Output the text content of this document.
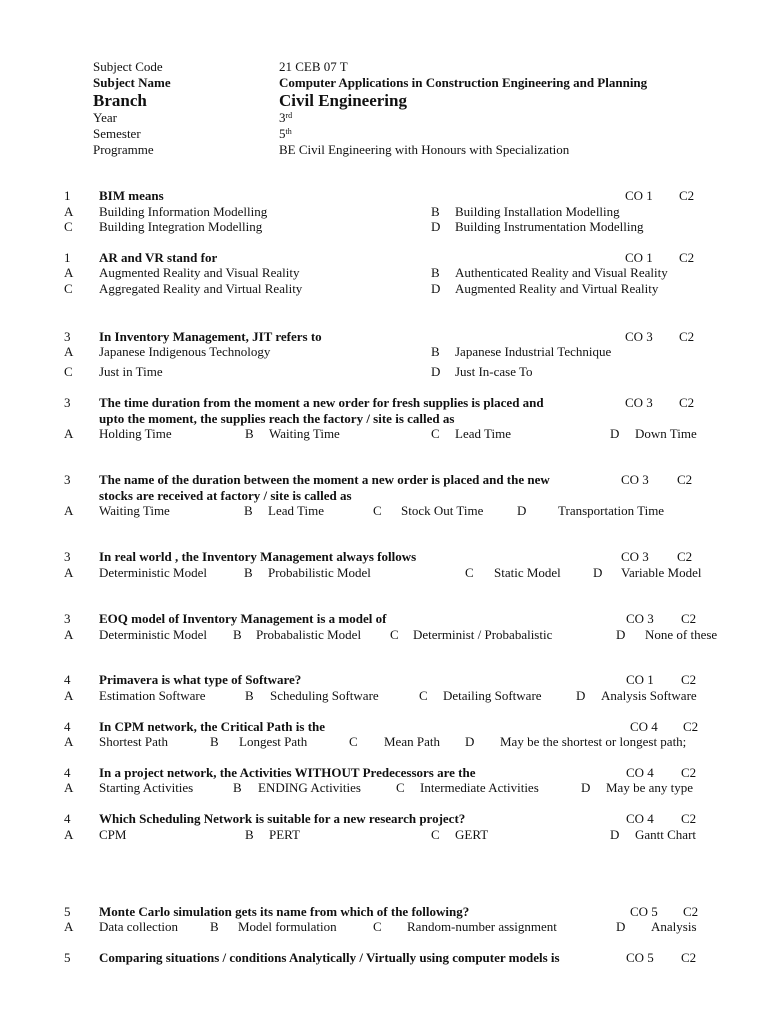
Subject Code	21 CEB 07 T
Subject Name	Computer Applications in Construction Engineering and Planning
Branch	Civil Engineering
Year	3rd
Semester	5th
Programme	BE Civil Engineering with Honours with Specialization
1 BIM means	CO 1 C2
A Building Information Modelling	B Building Installation Modelling
C Building Integration Modelling	D Building Instrumentation Modelling
1 AR and VR stand for	CO 1 C2
A Augmented Reality and Visual Reality	B Authenticated Reality and Visual Reality
C Aggregated Reality and Virtual Reality	D Augmented Reality and Virtual Reality
3 In Inventory Management, JIT refers to	CO 3 C2
A Japanese Indigenous Technology	B Japanese Industrial Technique
C Just in Time	D Just In-case To
3 The time duration from the moment a new order for fresh supplies is placed and
upto the moment, the supplies reach the factory / site is called as
CO 3 C2
A Holding Time	B Waiting Time	C Lead Time	D Down Time
3 The name of the duration between the moment a new order is placed and the new
stocks are received at factory / site is called as
CO 3 C2
A Waiting Time	B Lead Time	C Stock Out Time	D Transportation Time
3 In real world , the Inventory Management always follows	CO 3 C2
A Deterministic Model	B Probabilistic Model	C Static Model D Variable Model
3 EOQ model of Inventory Management is a model of	CO 3 C2
A Deterministic Model B Probabalistic Model C Determinist / Probabalistic	D None of these
4 Primavera is what type of Software?	CO 1 C2
A Estimation Software	B Scheduling Software	C Detailing Software	D Analysis Software
4 In CPM network, the Critical Path is the	CO 4 C2
A Shortest Path	B Longest Path	C Mean Path D May be the shortest or longest path;
4 In a project network, the Activities WITHOUT Predecessors are the	CO 4 C2
A Starting Activities	B ENDING Activities	C Intermediate Activities	D May be any type
4 Which Scheduling Network is suitable for a new research project?	CO 4 C2
A CPM	B PERT	C GERT	D Gantt Chart
5 Monte Carlo simulation gets its name from which of the following?	CO 5 C2
A Data collection B Model formulation	C Random-number assignment	D Analysis
5 Comparing situations / conditions Analytically / Virtually using computer models is	CO 5 C2
